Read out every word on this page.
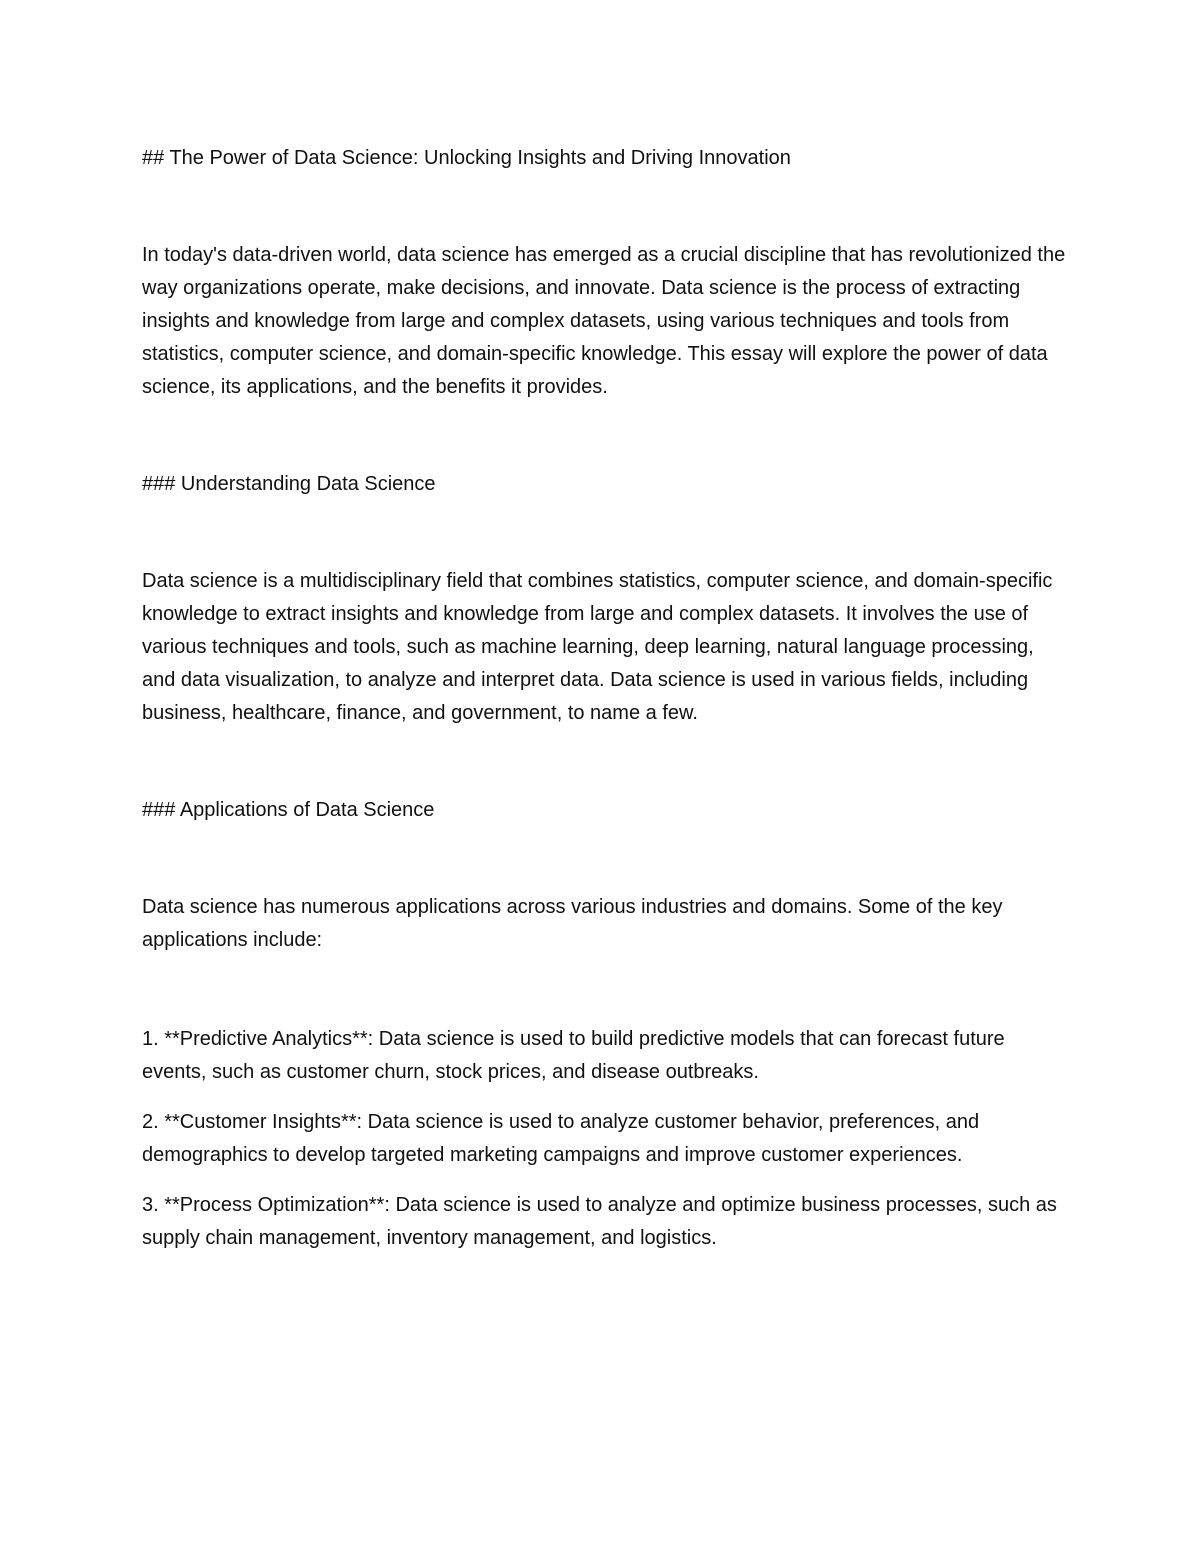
## The Power of Data Science: Unlocking Insights and Driving Innovation

In today's data-driven world, data science has emerged as a crucial discipline that has revolutionized the way organizations operate, make decisions, and innovate. Data science is the process of extracting insights and knowledge from large and complex datasets, using various techniques and tools from statistics, computer science, and domain-specific knowledge. This essay will explore the power of data science, its applications, and the benefits it provides.

### Understanding Data Science

Data science is a multidisciplinary field that combines statistics, computer science, and domain-specific knowledge to extract insights and knowledge from large and complex datasets. It involves the use of various techniques and tools, such as machine learning, deep learning, natural language processing, and data visualization, to analyze and interpret data. Data science is used in various fields, including business, healthcare, finance, and government, to name a few.

### Applications of Data Science

Data science has numerous applications across various industries and domains. Some of the key applications include:

1. **Predictive Analytics**: Data science is used to build predictive models that can forecast future events, such as customer churn, stock prices, and disease outbreaks.

2. **Customer Insights**: Data science is used to analyze customer behavior, preferences, and demographics to develop targeted marketing campaigns and improve customer experiences.

3. **Process Optimization**: Data science is used to analyze and optimize business processes, such as supply chain management, inventory management, and logistics.
